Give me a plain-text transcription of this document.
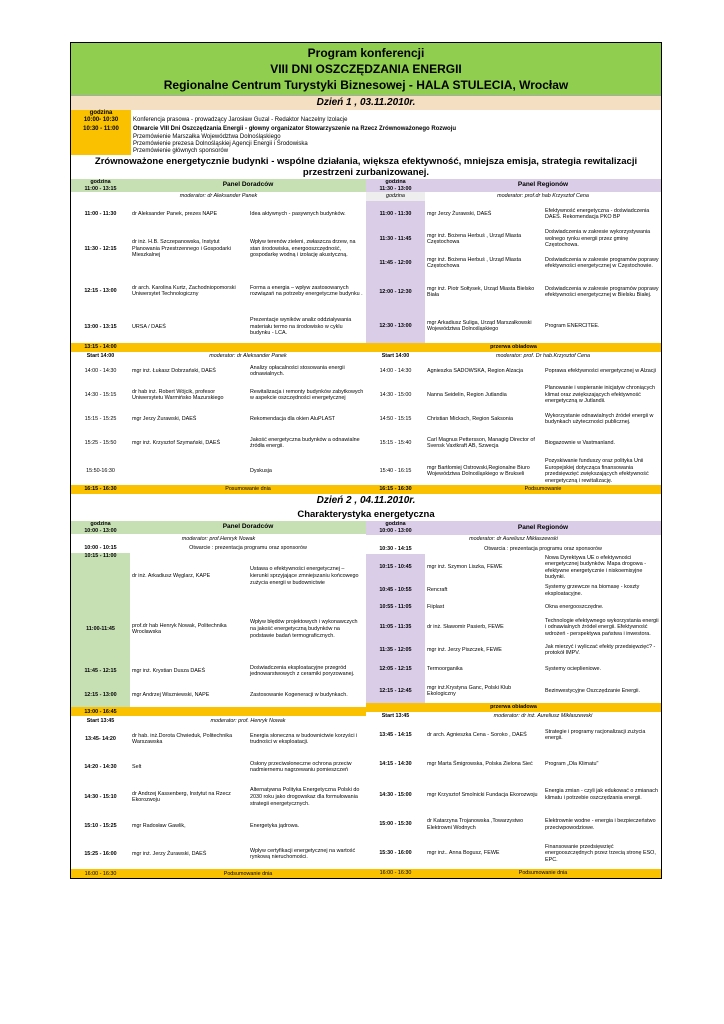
Program konferencji
VIII DNI OSZCZĘDZANIA ENERGII
Regionalne Centrum Turystyki Biznesowej - HALA STULECIA, Wrocław
Dzień 1 , 03.11.2010r.
godzina	
10:00- 10:30	Konferencja prasowa - prowadzący Jarosław Guzal - Redaktor Naczelny Izolacje
10:30 - 11:00	Otwarcie VIII Dni Oszczędzania Energii - głowny organizator Stowarzyszenie na Rzecz Zrównoważonego Rozwoju
	Przemówienie Marszałka Województwa Dolnośląskiego
	Przemówienie prezesa Dolnośląskiej Agencji Energii i Środowiska
	Przemówienie głównych sponsorów
Zrównoważone energetycznie budynki - wspólne działania, większa efektywność, mniejsza emisja, strategia rewitalizacji przestrzeni zurbanizowanej.
godzina
11:00 - 13:15	Panel Doradców	
moderator: dr Aleksander Panek		
11:00 - 11:30	dr Aleksander Panek, prezes NAPE	Idea aktywnych - pasywnych budynków.
11:30 - 12:15	dr inż. H.B. Szczepanowska, Instytut Planowania Przestrzennego i Gospodarki Mieszkalnej	Wpływ terenów zieleni, zwłaszcza drzew, na stan środowiska, energooszczędność, gospodarkę wodną i izolację akustyczną.
12:15 - 13:00	dr arch. Karolina Kurtz, Zachodniopomorski Uniwersytet Technologiczny	Forma a energia – wpływ zastosowanych rozwiązań na potrzeby energetyczne budynku .
13:00 - 13:15	URSA / DAEŚ	Prezentacje wyników analiz oddziaływania materiału termo na środowisko w cyklu budynku - LCA.
13:15 - 14:00		
Start 14:00	moderator: dr Aleksander Panek	
14:00 - 14:30	mgr inż. Łukasz Dobrzański, DAEŚ	Analizy opłacalności stosowania energii odnawialnych.
14:30 - 15:15	dr hab inż. Robert Wójcik, profesor Uniwersytetu Warmińsko Mazurskiego	Rewitalizacja i remonty budynków zabytkowych w aspekcie oszczędności energetycznej
15:15 - 15:25	mgr Jerzy Żurawski, DAEŚ	Rekomendacja dla okien AluPLAST
15:25 - 15:50	mgr inż. Krzysztof Szymański, DAEŚ	Jakość energetyczna budynków a odnawialne źródła energii.
15:50-16:30		Dyskusja
16:15 - 16:30	Posumowanie dnia	
godzina
11:30 - 13:00	Panel Regionów	
godzina	moderator: prof.dr hab Krzysztof Cena	
11:00 - 11:30	mgr Jerzy Żurawski, DAEŚ	Efektywność energetyczna - doświadczenia DAEŚ. Rekomendacja PKO BP
11:30 - 11:45	mgr inż. Bożena Herbuś , Urząd Miasta Częstochowa	Doświadczenia w zakresie wykorzystywania wolnego rynku energii przez gminę Częstochowa.
11:45 - 12:00	mgr inż. Bożena Herbuś , Urząd Miasta Częstochowa	Doświadczenia w zakresie programów poprawy efektywności energetycznej w Częstochowie.
12:00 - 12:30	mgr inż. Piotr Sołtysek, Urząd Miasta Bielsko Biała	Doświadczenia w zakresie programów poprawy efektywności energetycznej w Bielsku Białej.
12:30 - 13:00	mgr Arkadiusz Suliga, Urząd Marszałkowski Województwa Dolnośląskiego	Program ENERCITEE.
przerwa obiadowa		
Start 14:00	moderator: prof. Dr hab.Krzysztof Cena	
14:00 - 14:30	Agnieszka SADOWSKA, Region Alzacja	Poprawa efektywności energetycznej w Alzacji
14:30 - 15:00	Nanna Seidelin, Region Jutlandia	Planowanie i wspieranie inicjatyw chroniących klimat oraz zwiększających efektywność energetyczną w Jutlandii.
14:50 - 15:15	Christian Micksch, Region Saksonia	Wykorzystanie odnawialnych źródeł energii w budynkach użyteczności publicznej.
15:15 - 15:40	Carl Magnus Pettersson, Managig Director of Svensk Vaxtkraft AB, Szwecja	Biogazownie w Vastmanland.
15:40 - 16:15	mgr Bartłomiej Ostrowski,Regionalne Biuro Województwa Dolnośląskiego w Brukseli	Pozyskiwanie funduszy oraz polityka Unii Europejskiej dotycząca finansowania przedsięwzięć zwiększających efektywność energetyczną i rewitalizację.
16:15 - 16:30	Podsumowanie	
Dzień 2 , 04.11.2010r.
Charakterystyka energetyczna
godzina
10:00 - 13:00	Panel Doradców	
moderator: prof.Henryk Nowak		
10:00 - 10:15	Otwarcie : prezentacja programu oraz sponsorów	
10:15 - 11:00	dr inż. Arkadiusz Węglarz, KAPE	Ustawa o efektywności energetycznej – kierunki sprzyjające zmniejszaniu końcowego zużycia energii w budownictwie
11:00-11:45	prof.dr hab Henryk Nowak, Politechnika Wrocławska	Wpływ błędów projektowych i wykonawczych na jakość energetyczną budynków na podstawie badań termograficznych.
11:45 - 12:15	mgr inż. Krystian Dusza DAEŚ	Doświadczenia eksploatacyjne przegród jednowarstwowych z ceramiki poryzowanej.
12:15 - 13:00	mgr Andrzej Wiszniewski, NAPE	Zastosowanie Kogeneracji w budynkach.
13:00 - 16:45		
Start 13:45	moderator: prof. Henryk Nowak	
13:45- 14:20	dr hab. inż.Dorota Chwieduk, Politechnika Warszawska	Energia słoneczna w budownictwie korzyści i trudności w eksploatacji.
14:20 - 14:30	Selt	Osłony przeciwsłoneczne ochrona przeciw nadmiernemu nagrzewaniu pomieszczeń
14:30 - 15:10	dr Andrzej Kassenberg, Instytut na Rzecz Ekorozwoju	Alternatywna Polityka Energetyczna Polski do 2030 roku jako drogowskaz dla formułowania strategii energetycznych.
15:10 - 15:25	mgr Radosław Gawlik,	Energetyka jądrowa.
15:25 - 16:00	mgr inż. Jerzy Żurawski, DAEŚ	Wpływ certyfikacji energetycznej na wartość rynkową nieruchomości.
16:00 - 16:30	Podsumowanie dnia	
godzina
10:00 - 13:00	Panel Regionów	
moderator: dr Aureliusz Mikłaszewski		
10:30 - 14:15	Otwarcia : prezentacja programu oraz sponsorów	
10:15 - 10:45	mgr inż. Szymon Liszka, FEWE	Nowa Dyrektywa UE o efektywności energetycznej budynków. Mapa drogowa - efektywne energetycznie i niskoemisyjne budynki.
10:45 - 10:55	Rencraft	Systemy grzewcze na biomasę - koszty eksploatacyjne.
10:55 - 11:05	Fiiplast	Okna energooszczędne.
11:05 - 11:35	dr inż. Sławomir Pasierb, FEWE	Technologie efektywnego wykorzystania energii i odnawialnych źródeł energii. Efektywność wdrożeń - perspektywa państwa i inwestora.
11:35 - 12:05	mgr inż. Jerzy Piszczek, FEWE	Jak mierzyć i wyliczać efekty przedsięwzięć? - protokół IMPV.
12:05 - 12:15	Termoorganika	Systemy ocieplieniowe.
12:15 - 12:45	mgr inż.Krystyna Ganc, Polski Klub Ekologiczny	Bezinwestycyjne Oszczędzanie Energii.
przerwa obiadowa		
Start 13:45	moderator: dr inż. Aureliusz Mikłaszewski	
13:45 - 14:15	dr arch. Agnieszka Cena - Soroko , DAEŚ	Strategie i programy racjonalizacji zużycia energii.
14:15 - 14:30	mgr Marta Śmigrowska, Polska Zielona Sieć	Program „Dla Klimatu"
14:30 - 15:00	mgr Krzysztof Smolnicki Fundacja Ekorozwoju	Energia zmian - czyli jak edukować o zmianach klimatu i potrzebie oszczędzania energii.
15:00 - 15:30	dr Katarzyna Trojanowska ,Towarzystwo Elektrowni Wodnych	Elektrownie wodne - energia i bezpieczeństwo przeciwpowodziowe.
15:30 - 16:00	mgr inż.. Anna Bogusz, FEWE	Finansowanie przedsięwzięć energooszczędnych przez trzecią stronę ESO, EPC.
16:00 - 16:30	Podsumowanie dnia	
